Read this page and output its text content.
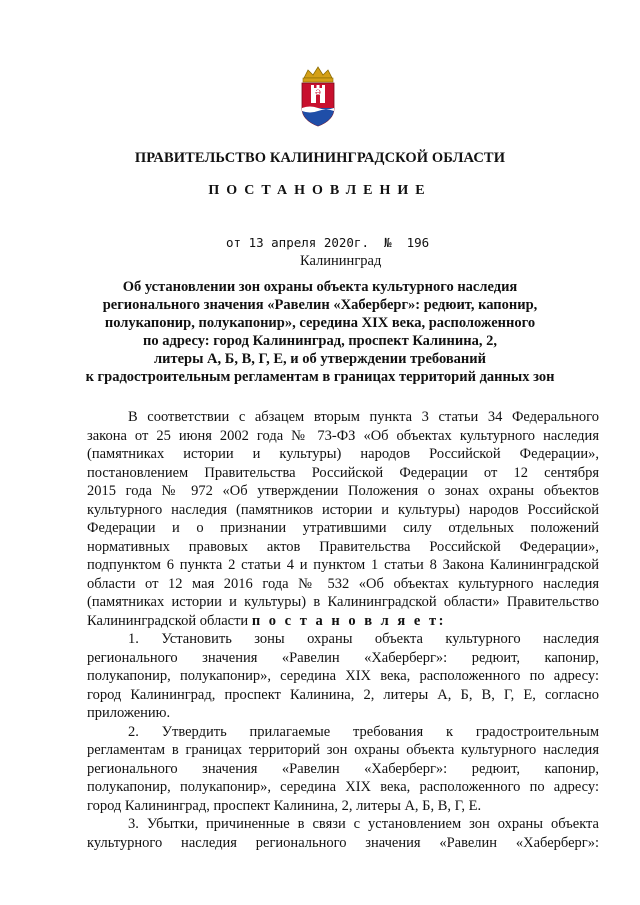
Ə
ПРАВИТЕЛЬСТВО КАЛИНИНГРАДСКОЙ ОБЛАСТИ
ПОСТАНОВЛЕНИЕ
от 13 апреля 2020г.  №  196
Калининград
Об установлении зон охраны объекта культурного наследия
регионального значения «Равелин «Хаберберг»: редюит, капонир,
полукапонир, полукапонир», середина XIX века, расположенного
по адресу: город Калининград, проспект Калинина, 2,
литеры А, Б, В, Г, Е, и об утверждении требований
к градостроительным регламентам в границах территорий данных зон
В соответствии с абзацем вторым пункта 3 статьи 34 Федерального
закона от 25 июня 2002 года № 73-ФЗ «Об объектах культурного наследия
(памятниках истории и культуры) народов Российской Федерации»,
постановлением Правительства Российской Федерации от 12 сентября
2015 года № 972 «Об утверждении Положения о зонах охраны объектов
культурного наследия (памятников истории и культуры) народов Российской
Федерации и о признании утратившими силу отдельных положений
нормативных правовых актов Правительства Российской Федерации»,
подпунктом 6 пункта 2 статьи 4 и пунктом 1 статьи 8 Закона Калининградской
области от 12 мая 2016 года № 532 «Об объектах культурного наследия
(памятниках истории и культуры) в Калининградской области» Правительство
Калининградской области п о с т а н о в л я е т:
1. Установить зоны охраны объекта культурного наследия
регионального значения «Равелин «Хаберберг»: редюит, капонир,
полукапонир, полукапонир», середина XIX века, расположенного по адресу:
город Калининград, проспект Калинина, 2, литеры А, Б, В, Г, Е, согласно
приложению.
2. Утвердить прилагаемые требования к градостроительным
регламентам в границах территорий зон охраны объекта культурного наследия
регионального значения «Равелин «Хаберберг»: редюит, капонир,
полукапонир, полукапонир», середина XIX века, расположенного по адресу:
город Калининград, проспект Калинина, 2, литеры А, Б, В, Г, Е.
3. Убытки, причиненные в связи с установлением зон охраны объекта
культурного наследия регионального значения «Равелин «Хаберберг»:
